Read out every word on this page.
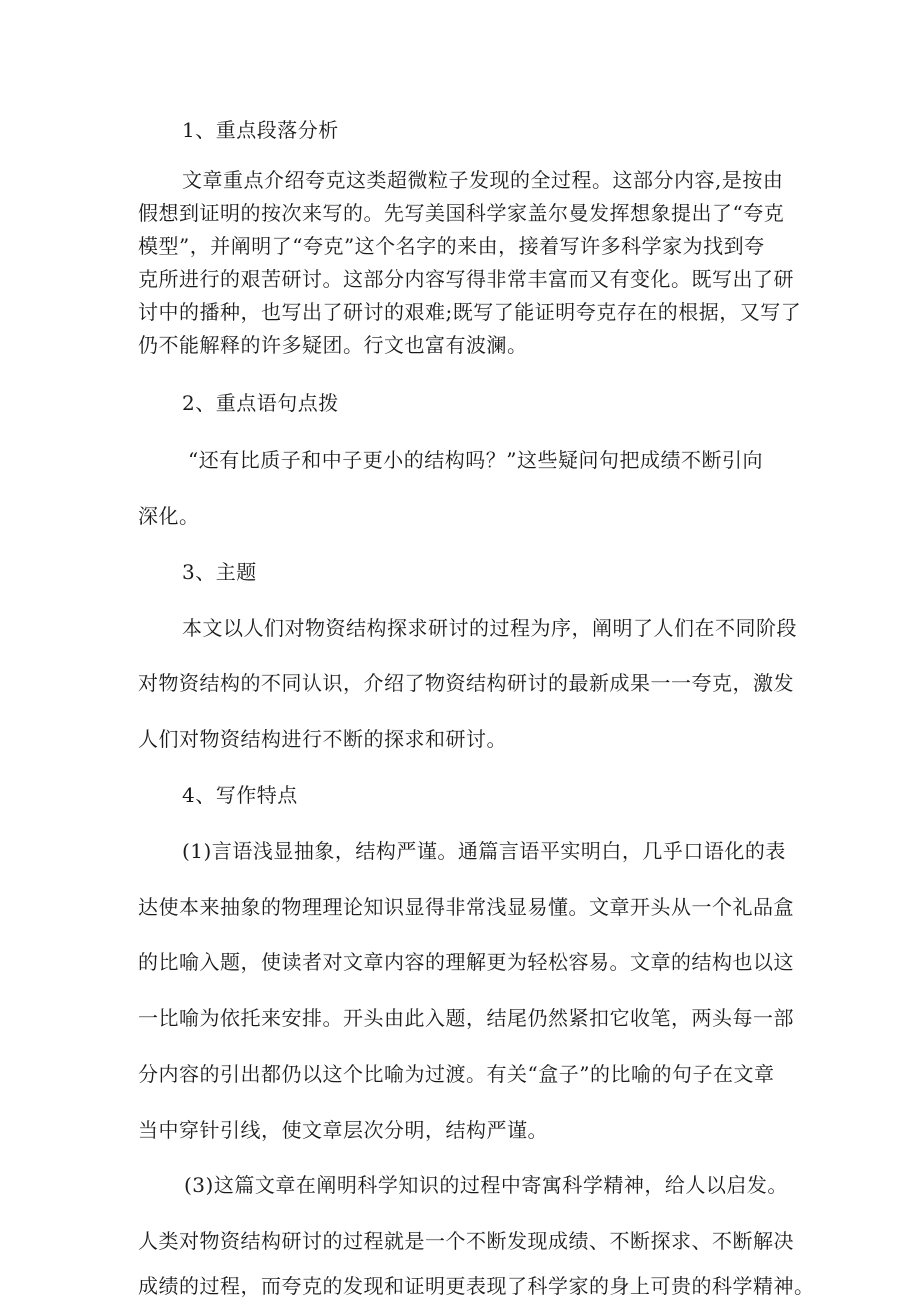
1、重点段落分析
文章重点介绍夸克这类超微粒子发现的全过程。这部分内容,是按由
假想到证明的按次来写的。先写美国科学家盖尔曼发挥想象提出了“夸克
模型”，并阐明了“夸克”这个名字的来由，接着写许多科学家为找到夸
克所进行的艰苦研讨。这部分内容写得非常丰富而又有变化。既写出了研
讨中的播种，也写出了研讨的艰难;既写了能证明夸克存在的根据，又写了
仍不能解释的许多疑团。行文也富有波澜。
2、重点语句点拨
“还有比质子和中子更小的结构吗？”这些疑问句把成绩不断引向
深化。
3、主题
本文以人们对物资结构探求研讨的过程为序，阐明了人们在不同阶段
对物资结构的不同认识，介绍了物资结构研讨的最新成果一一夸克，激发
人们对物资结构进行不断的探求和研讨。
4、写作特点
(1)言语浅显抽象，结构严谨。通篇言语平实明白，几乎口语化的表
达使本来抽象的物理理论知识显得非常浅显易懂。文章开头从一个礼品盒
的比喻入题，使读者对文章内容的理解更为轻松容易。文章的结构也以这
一比喻为依托来安排。开头由此入题，结尾仍然紧扣它收笔，两头每一部
分内容的引出都仍以这个比喻为过渡。有关“盒子”的比喻的句子在文章
当中穿针引线，使文章层次分明，结构严谨。
(3)这篇文章在阐明科学知识的过程中寄寓科学精神，给人以启发。
人类对物资结构研讨的过程就是一个不断发现成绩、不断探求、不断解决
成绩的过程，而夸克的发现和证明更表现了科学家的身上可贵的科学精神。
